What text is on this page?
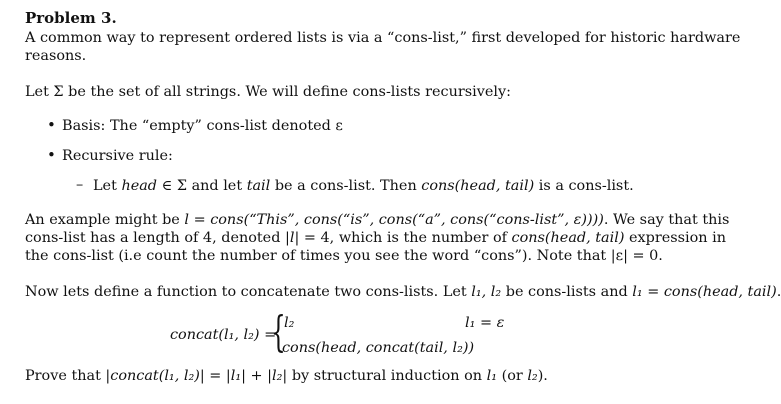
Problem 3.
A common way to represent ordered lists is via a “cons-list,” first developed for historic hardware
reasons.
Let Σ be the set of all strings. We will define cons-lists recursively:
• Basis: The “empty” cons-list denoted ε
• Recursive rule:
– Let head ∈ Σ and let tail be a cons-list. Then cons(head, tail) is a cons-list.
An example might be l = cons(“This”, cons(“is”, cons(“a”, cons(“cons-list”, ε)))). We say that this
cons-list has a length of 4, denoted |l| = 4, which is the number of cons(head, tail) expression in
the cons-list (i.e count the number of times you see the word “cons”). Note that |ε| = 0.
Now lets define a function to concatenate two cons-lists. Let l₁, l₂ be cons-lists and l₁ = cons(head, tail).
concat(l₁, l₂) =
{
l₂	l₁ = ε
cons(head, concat(tail, l₂))
Prove that |concat(l₁, l₂)| = |l₁| + |l₂| by structural induction on l₁ (or l₂).
